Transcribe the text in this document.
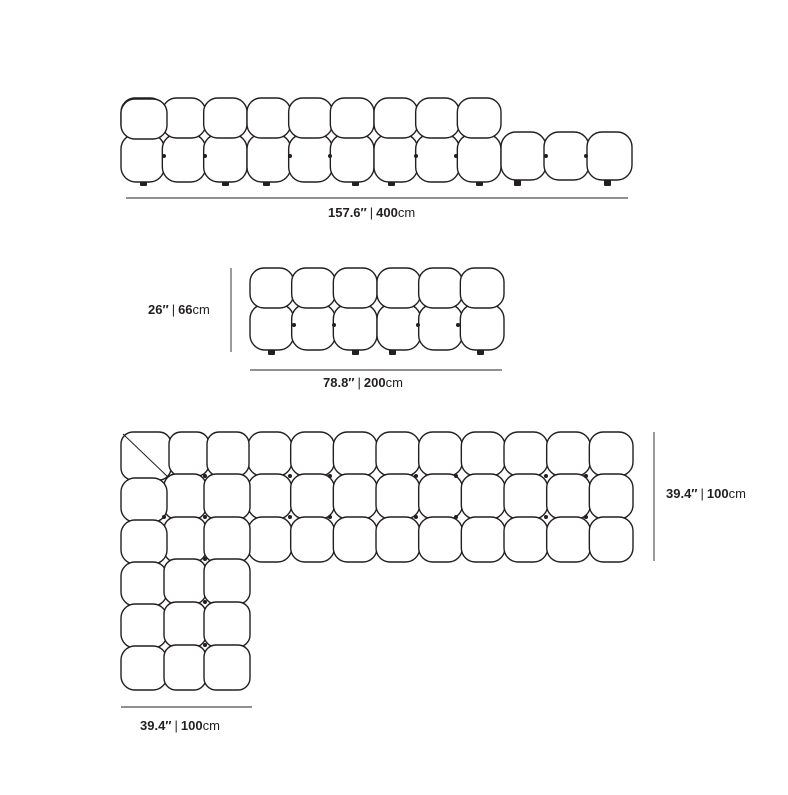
157.6″ | 400cm
26″ | 66cm
78.8″ | 200cm
39.4″ | 100cm
39.4″ | 100cm
